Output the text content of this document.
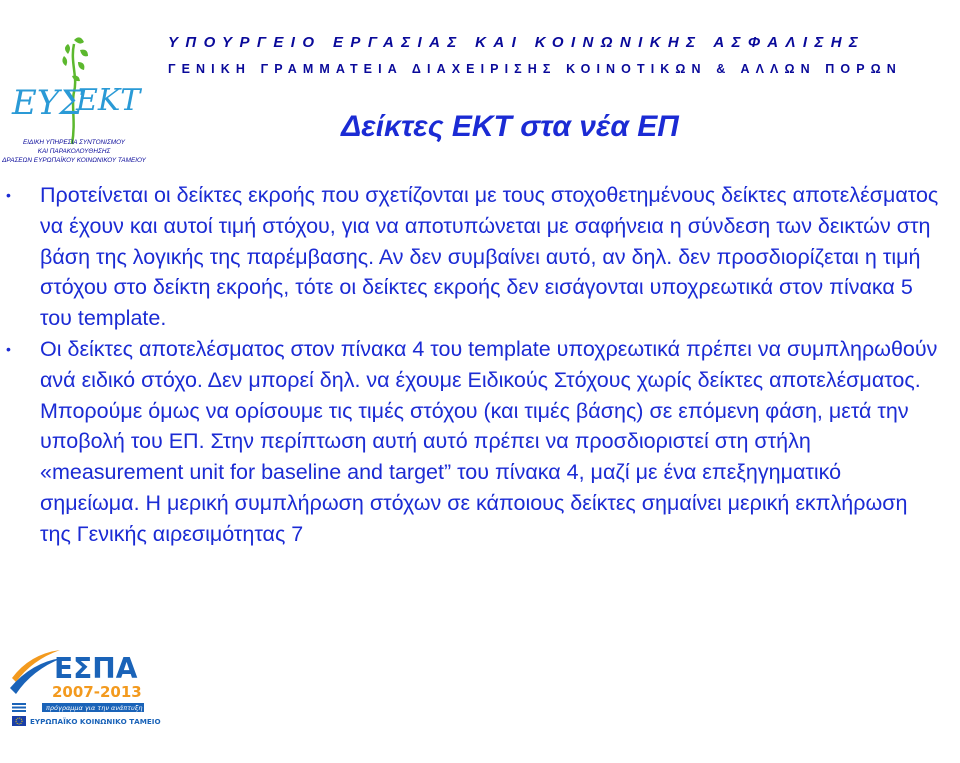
ΥΠΟΥΡΓΕΙΟ ΕΡΓΑΣΙΑΣ ΚΑΙ ΚΟΙΝΩΝΙΚΗΣ ΑΣΦΑΛΙΣΗΣ
ΓΕΝΙΚΗ ΓΡΑΜΜΑΤΕΙΑ ΔΙΑΧΕΙΡΙΣΗΣ ΚΟΙΝΟΤΙΚΩΝ & ΑΛΛΩΝ ΠΟΡΩΝ
ΕΥΣ
ΕΚΤ
ΕΙΔΙΚΗ ΥΠΗΡΕΣΙΑ ΣΥΝΤΟΝΙΣΜΟΥ
ΚΑΙ ΠΑΡΑΚΟΛΟΥΘΗΣΗΣ
ΔΡΑΣΕΩΝ ΕΥΡΩΠΑΪΚΟΥ ΚΟΙΝΩΝΙΚΟΥ ΤΑΜΕΙΟΥ
Δείκτες ΕΚΤ στα νέα ΕΠ
• Προτείνεται οι δείκτες εκροής που σχετίζονται με τους στοχοθετημένους δείκτες αποτελέσματος να έχουν και αυτοί τιμή στόχου, για να αποτυπώνεται με σαφήνεια η σύνδεση των δεικτών στη βάση της λογικής της παρέμβασης. Αν δεν συμβαίνει αυτό, αν δηλ. δεν προσδιορίζεται η τιμή στόχου στο δείκτη εκροής, τότε οι δείκτες εκροής δεν εισάγονται υποχρεωτικά στον πίνακα 5 του template.
• Οι δείκτες αποτελέσματος στον πίνακα 4 του template υποχρεωτικά πρέπει να συμπληρωθούν ανά ειδικό στόχο. Δεν μπορεί δηλ. να έχουμε Ειδικούς Στόχους χωρίς δείκτες αποτελέσματος. Μπορούμε όμως να ορίσουμε τις τιμές στόχου (και τιμές βάσης) σε επόμενη φάση, μετά την υποβολή του ΕΠ. Στην περίπτωση αυτή αυτό πρέπει να προσδιοριστεί στη στήλη «measurement unit for baseline and target” του πίνακα 4, μαζί με ένα επεξηγηματικό σημείωμα. Η μερική συμπλήρωση στόχων σε κάποιους δείκτες σημαίνει μερική εκπλήρωση της Γενικής αιρεσιμότητας 7
ΕΣΠΑ
2007-2013
πρόγραμμα για την ανάπτυξη
ΕΥΡΩΠΑΪΚΟ ΚΟΙΝΩΝΙΚΟ ΤΑΜΕΙΟ
